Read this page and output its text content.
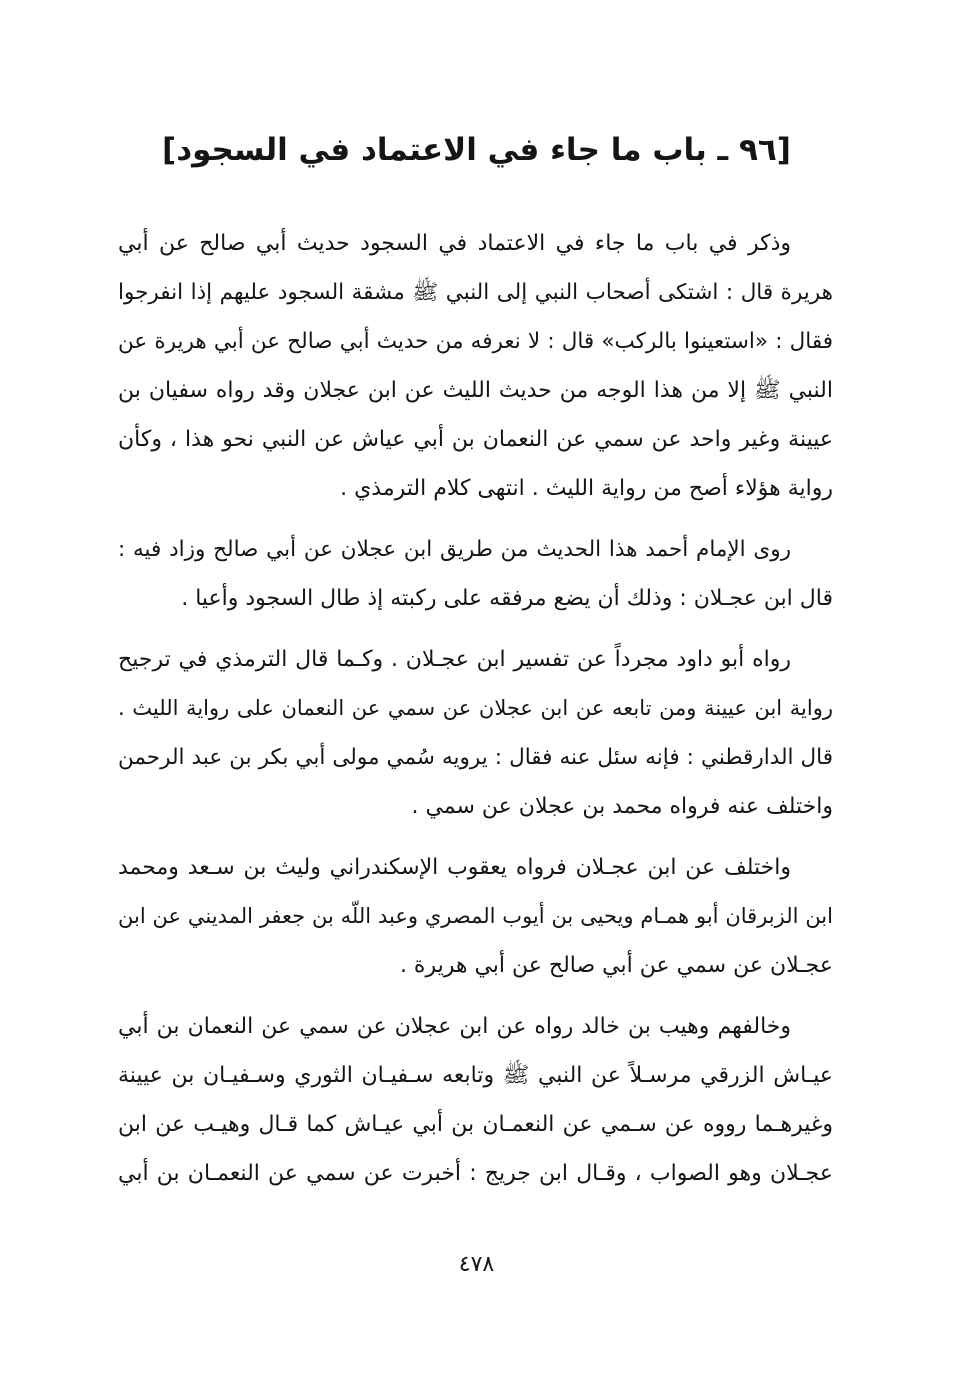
[٩٦ ـ باب ما جاء في الاعتماد في السجود]
وذكر في باب ما جاء في الاعتماد في السجود حديث أبي صالح عن أبي
هريرة قال : اشتكى أصحاب النبي إلى النبي ﷺ مشقة السجود عليهم إذا انفرجوا
فقال : «استعينوا بالركب» قال : لا نعرفه من حديث أبي صالح عن أبي هريرة عن
النبي ﷺ إلا من هذا الوجه من حديث الليث عن ابن عجلان وقد رواه سفيان بن
عيينة وغير واحد عن سمي عن النعمان بن أبي عياش عن النبي نحو هذا ، وكأن
رواية هؤلاء أصح من رواية الليث . انتهى كلام الترمذي .
روى الإمام أحمد هذا الحديث من طريق ابن عجلان عن أبي صالح وزاد فيه :
قال ابن عجـلان : وذلك أن يضع مرفقه على ركبته إذ طال السجود وأعيا .
رواه أبو داود مجرداً عن تفسير ابن عجـلان . وكـما قال الترمذي في ترجيح
رواية ابن عيينة ومن تابعه عن ابن عجلان عن سمي عن النعمان على رواية الليث .
قال الدارقطني : فإنه سئل عنه فقال : يرويه سُمي مولى أبي بكر بن عبد الرحمن
واختلف عنه فرواه محمد بن عجلان عن سمي .
واختلف عن ابن عجـلان فرواه يعقوب الإسكندراني وليث بن سـعد ومحمد
ابن الزبرقان أبو همـام ويحيى بن أيوب المصري وعبد اللّه بن جعفر المديني عن ابن
عجـلان عن سمي عن أبي صالح عن أبي هريرة .
وخالفهم وهيب بن خالد رواه عن ابن عجلان عن سمي عن النعمان بن أبي
عيـاش الزرقي مرسـلاً عن النبي ﷺ وتابعه سـفيـان الثوري وسـفيـان بن عيينة
وغيرهـما رووه عن سـمي عن النعمـان بن أبي عيـاش كما قـال وهيـب عن ابن
عجـلان وهو الصواب ، وقـال ابن جريج : أخبرت عن سمي عن النعمـان بن أبي
٤٧٨
